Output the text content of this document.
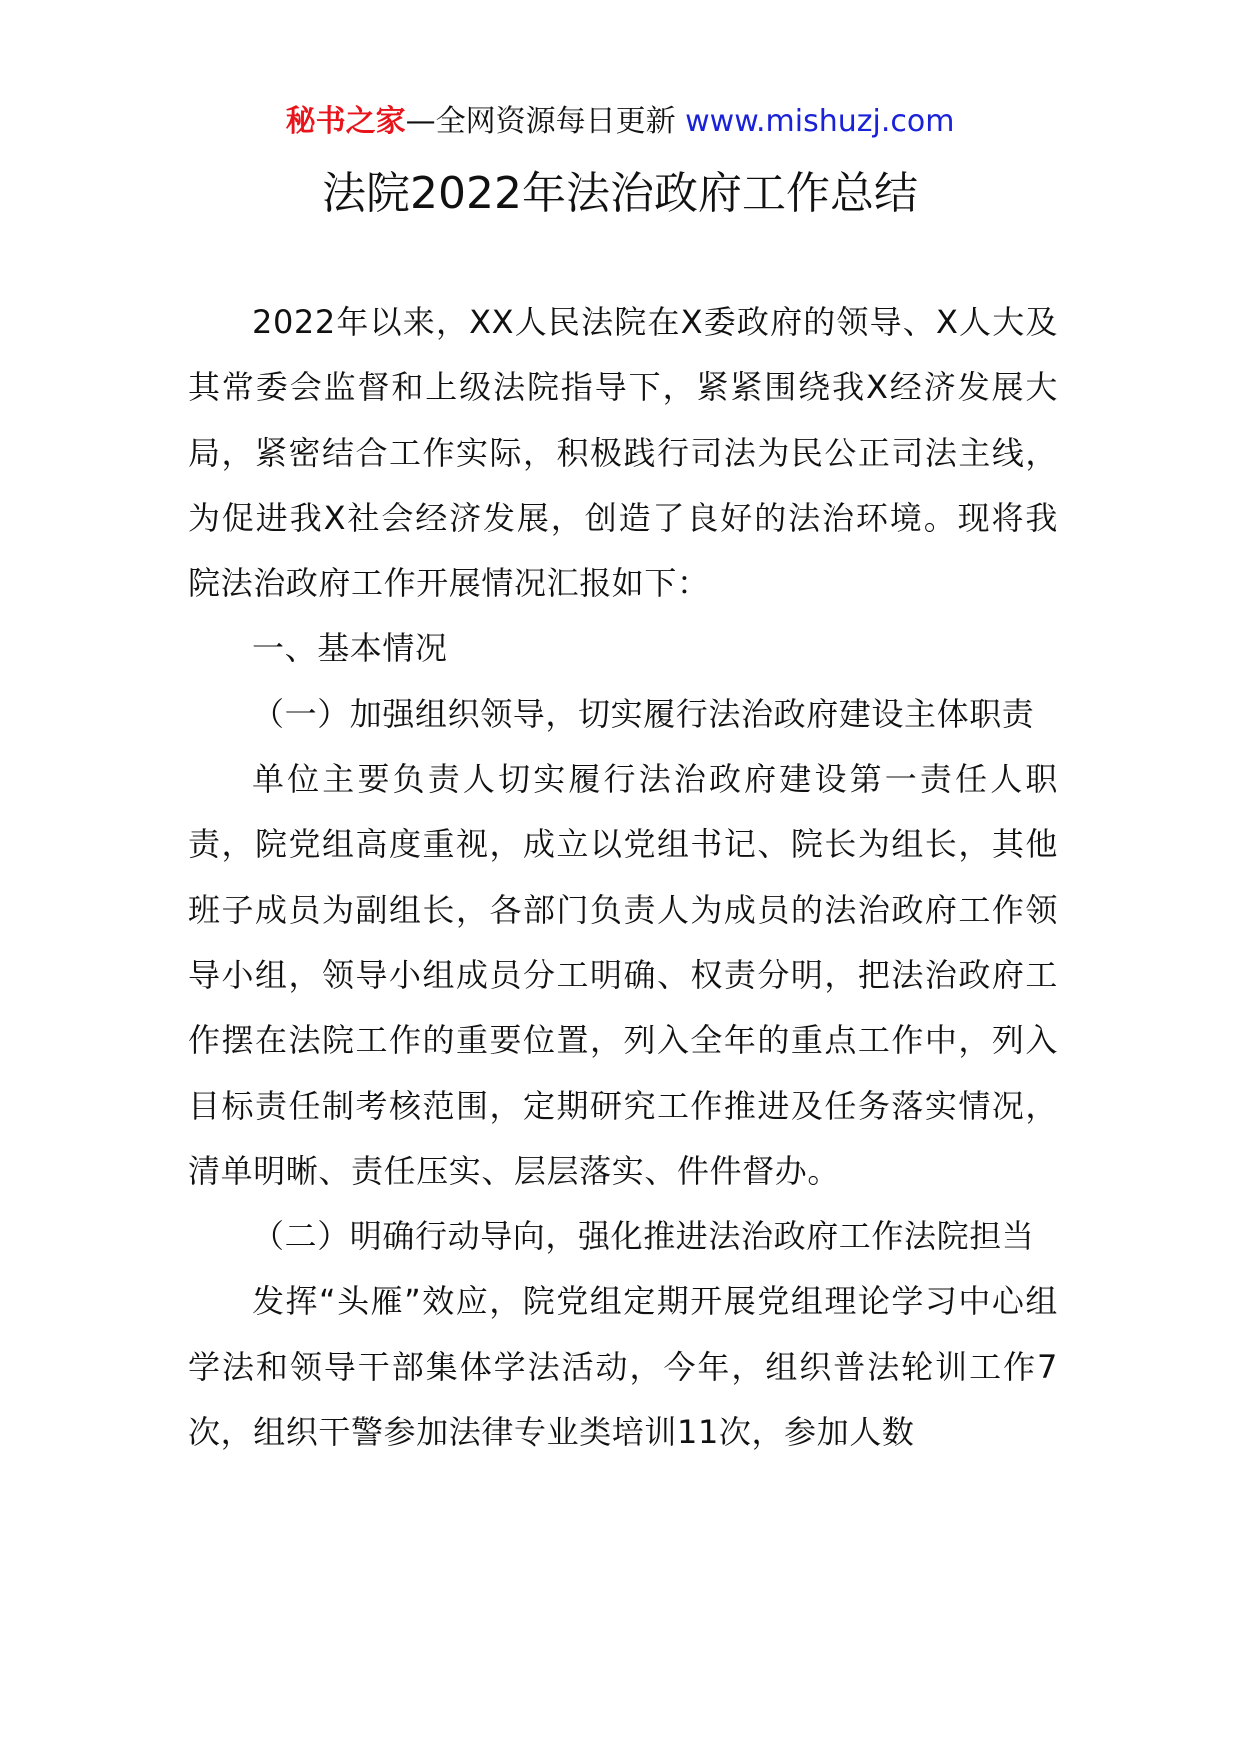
秘书之家—全网资源每日更新 www.mishuzj.com
法院2022年法治政府工作总结

2022年以来，XX人民法院在X委政府的领导、X人大及其常委会监督和上级法院指导下，紧紧围绕我X经济发展大局，紧密结合工作实际，积极践行司法为民公正司法主线，为促进我X社会经济发展，创造了良好的法治环境。现将我院法治政府工作开展情况汇报如下：

一、基本情况

（一）加强组织领导，切实履行法治政府建设主体职责

单位主要负责人切实履行法治政府建设第一责任人职责，院党组高度重视，成立以党组书记、院长为组长，其他班子成员为副组长，各部门负责人为成员的法治政府工作领导小组，领导小组成员分工明确、权责分明，把法治政府工作摆在法院工作的重要位置，列入全年的重点工作中，列入目标责任制考核范围，定期研究工作推进及任务落实情况，清单明晰、责任压实、层层落实、件件督办。

（二）明确行动导向，强化推进法治政府工作法院担当

发挥“头雁”效应，院党组定期开展党组理论学习中心组学法和领导干部集体学法活动，今年，组织普法轮训工作7次，组织干警参加法律专业类培训11次，参加人数
